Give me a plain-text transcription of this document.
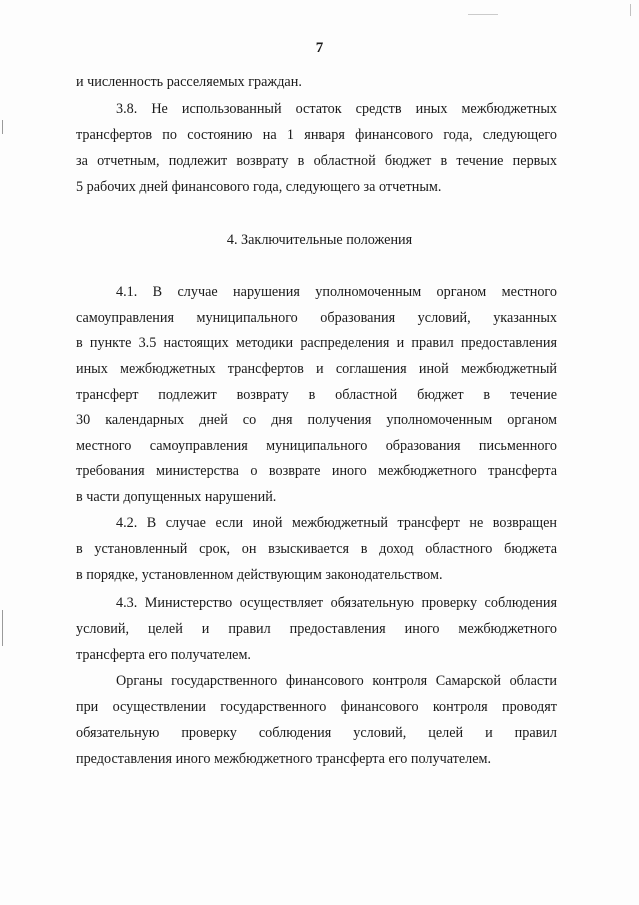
7
и численность расселяемых граждан.
3.8. Не использованный остаток средств иных межбюджетных
трансфертов по состоянию на 1 января финансового года, следующего
за отчетным, подлежит возврату в областной бюджет в течение первых
5 рабочих дней финансового года, следующего за отчетным.
4. Заключительные положения
4.1. В случае нарушения уполномоченным органом местного
самоуправления муниципального образования условий, указанных
в пункте 3.5 настоящих методики распределения и правил предоставления
иных межбюджетных трансфертов и соглашения иной межбюджетный
трансферт подлежит возврату в областной бюджет в течение
30 календарных дней со дня получения уполномоченным органом
местного самоуправления муниципального образования письменного
требования министерства о возврате иного межбюджетного трансферта
в части допущенных нарушений.
4.2. В случае если иной межбюджетный трансферт не возвращен
в установленный срок, он взыскивается в доход областного бюджета
в порядке, установленном действующим законодательством.
4.3. Министерство осуществляет обязательную проверку соблюдения
условий, целей и правил предоставления иного межбюджетного
трансферта его получателем.
Органы государственного финансового контроля Самарской области
при осуществлении государственного финансового контроля проводят
обязательную проверку соблюдения условий, целей и правил
предоставления иного межбюджетного трансферта его получателем.
